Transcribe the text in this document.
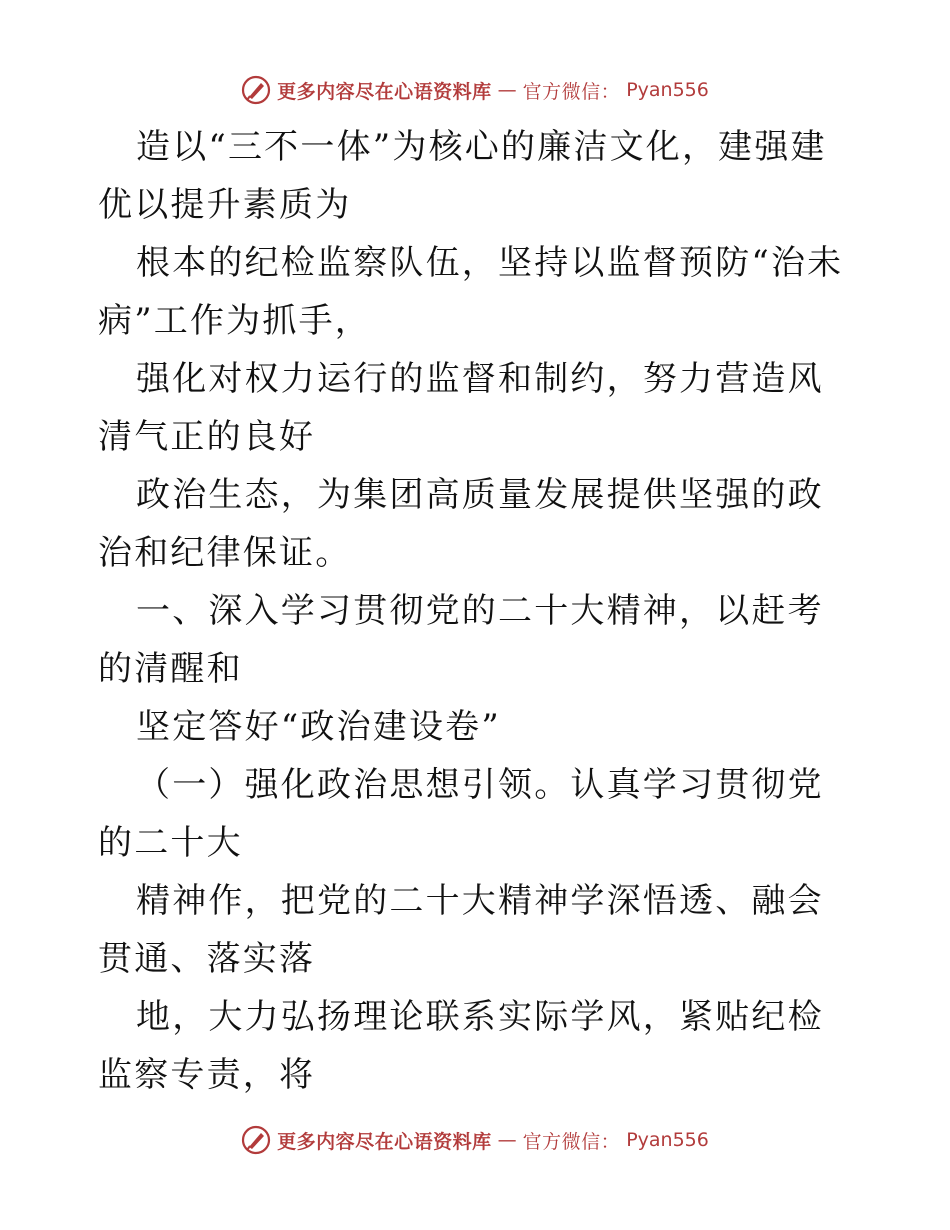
更多内容尽在心语资料库 — 官方微信： Pyan556

造以“三不一体”为核心的廉洁文化，建强建优以提升素质为

根本的纪检监察队伍，坚持以监督预防“治未病”工作为抓手，

强化对权力运行的监督和制约，努力营造风清气正的良好

政治生态，为集团高质量发展提供坚强的政治和纪律保证。

一、深入学习贯彻党的二十大精神，以赶考的清醒和

坚定答好“政治建设卷”

（一）强化政治思想引领。认真学习贯彻党的二十大

精神作，把党的二十大精神学深悟透、融会贯通、落实落

地，大力弘扬理论联系实际学风，紧贴纪检监察专责，将

更多内容尽在心语资料库 — 官方微信： Pyan556
